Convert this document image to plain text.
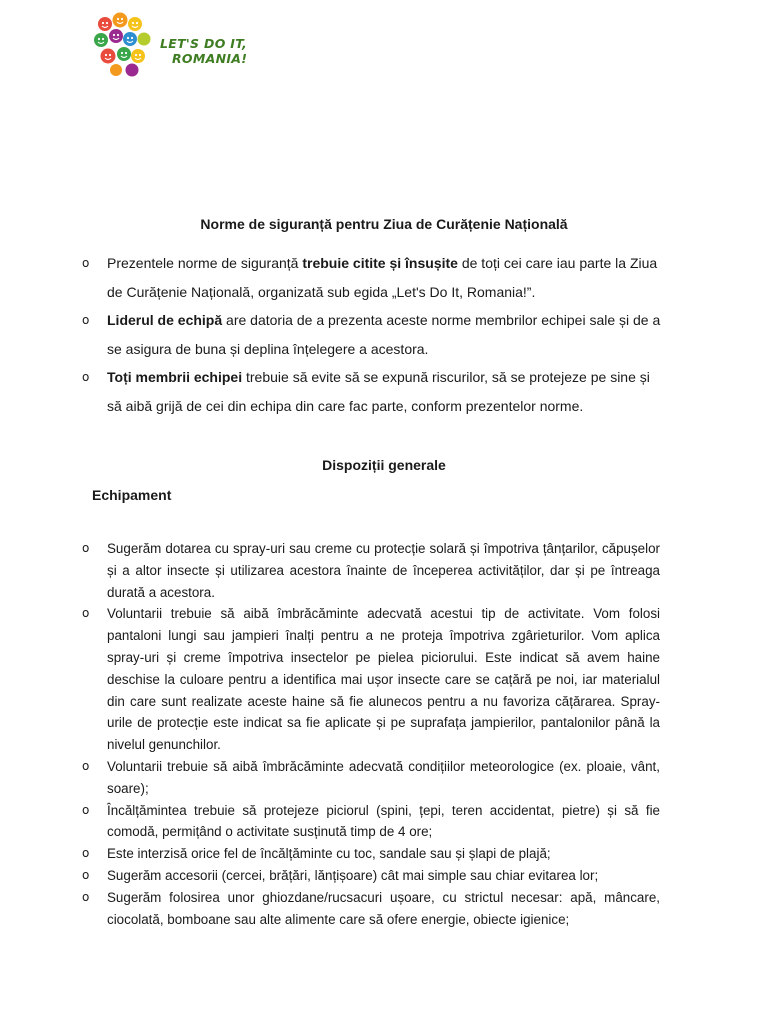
LET'S DO IT,
ROMANIA!
Norme de siguranță pentru Ziua de Curățenie Națională
o Prezentele norme de siguranță trebuie citite și însușite de toți cei care iau parte la Ziua de Curățenie Națională, organizată sub egida „Let's Do It, Romania!”.
o Liderul de echipă are datoria de a prezenta aceste norme membrilor echipei sale și de a se asigura de buna și deplina înțelegere a acestora.
o Toți membrii echipei trebuie să evite să se expună riscurilor, să se protejeze pe sine și să aibă grijă de cei din echipa din care fac parte, conform prezentelor norme.
Dispoziții generale
Echipament
o Sugerăm dotarea cu spray-uri sau creme cu protecție solară și împotriva țânțarilor, căpușelor și a altor insecte și utilizarea acestora înainte de începerea activităților, dar și pe întreaga durată a acestora.
o Voluntarii trebuie să aibă îmbrăcăminte adecvată acestui tip de activitate. Vom folosi pantaloni lungi sau jampieri înalți pentru a ne proteja împotriva zgârieturilor. Vom aplica spray-uri și creme împotriva insectelor pe pielea piciorului. Este indicat să avem haine deschise la culoare pentru a identifica mai ușor insecte care se cațără pe noi, iar materialul din care sunt realizate aceste haine să fie alunecos pentru a nu favoriza cățărarea. Spray-urile de protecție este indicat sa fie aplicate și pe suprafața jampierilor, pantalonilor până la nivelul genunchilor.
o Voluntarii trebuie să aibă îmbrăcăminte adecvată condițiilor meteorologice (ex. ploaie, vânt, soare);
o Încălțămintea trebuie să protejeze piciorul (spini, țepi, teren accidentat, pietre) și să fie comodă, permițând o activitate susținută timp de 4 ore;
o Este interzisă orice fel de încălțăminte cu toc, sandale sau și șlapi de plajă;
o Sugerăm accesorii (cercei, brățări, lănțișoare) cât mai simple sau chiar evitarea lor;
o Sugerăm folosirea unor ghiozdane/rucsacuri ușoare, cu strictul necesar: apă, mâncare, ciocolată, bomboane sau alte alimente care să ofere energie, obiecte igienice;
